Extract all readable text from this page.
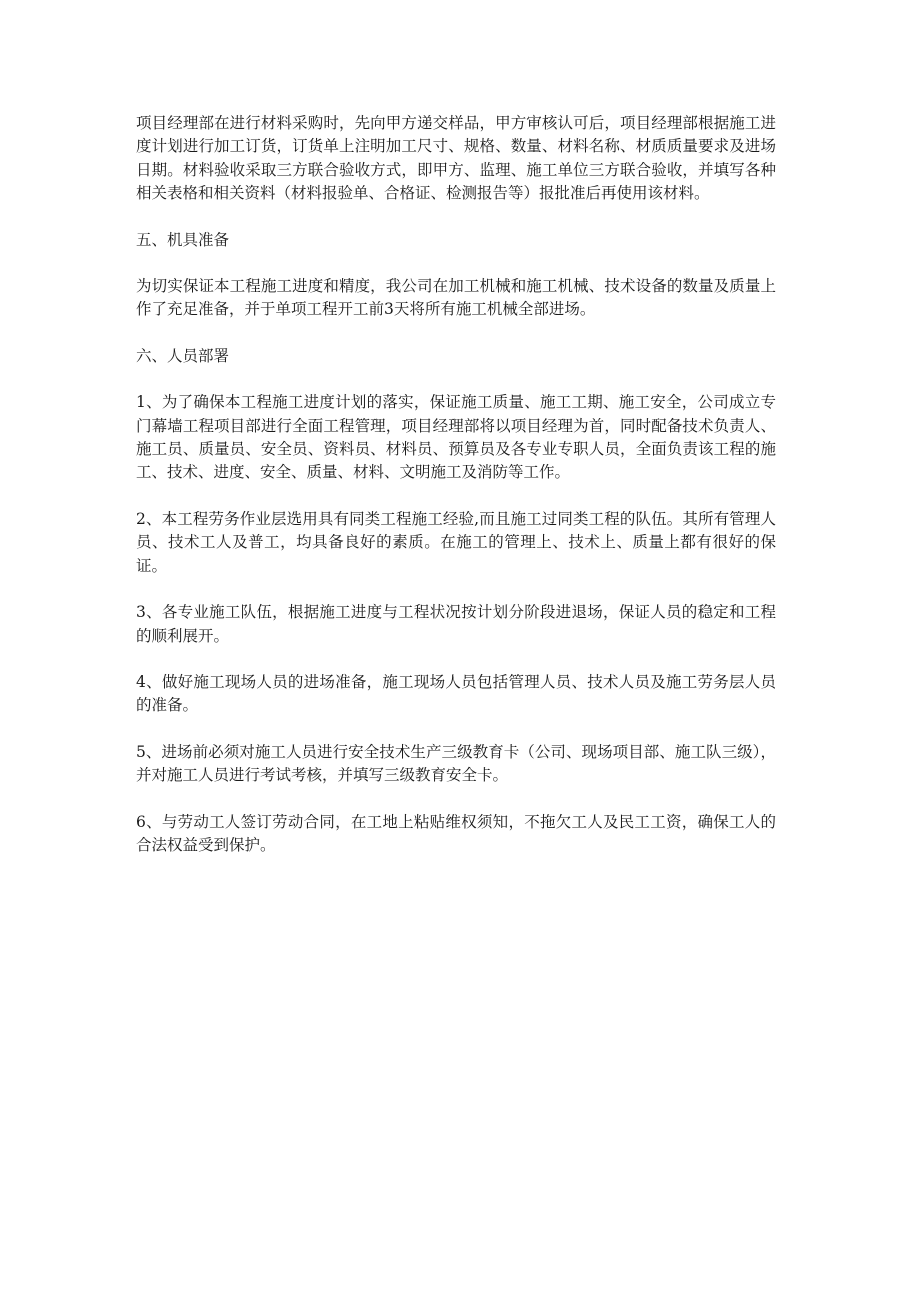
项目经理部在进行材料采购时，先向甲方递交样品，甲方审核认可后，项目经理部根据施工进度计划进行加工订货，订货单上注明加工尺寸、规格、数量、材料名称、材质质量要求及进场日期。材料验收采取三方联合验收方式，即甲方、监理、施工单位三方联合验收，并填写各种相关表格和相关资料（材料报验单、合格证、检测报告等）报批准后再使用该材料。

五、机具准备

为切实保证本工程施工进度和精度，我公司在加工机械和施工机械、技术设备的数量及质量上作了充足准备，并于单项工程开工前3天将所有施工机械全部进场。

六、人员部署

1、为了确保本工程施工进度计划的落实，保证施工质量、施工工期、施工安全，公司成立专门幕墙工程项目部进行全面工程管理，项目经理部将以项目经理为首，同时配备技术负责人、施工员、质量员、安全员、资料员、材料员、预算员及各专业专职人员，全面负责该工程的施工、技术、进度、安全、质量、材料、文明施工及消防等工作。

2、本工程劳务作业层选用具有同类工程施工经验,而且施工过同类工程的队伍。其所有管理人员、技术工人及普工，均具备良好的素质。在施工的管理上、技术上、质量上都有很好的保证。

3、各专业施工队伍，根据施工进度与工程状况按计划分阶段进退场，保证人员的稳定和工程的顺利展开。

4、做好施工现场人员的进场准备，施工现场人员包括管理人员、技术人员及施工劳务层人员的准备。

5、进场前必须对施工人员进行安全技术生产三级教育卡（公司、现场项目部、施工队三级），并对施工人员进行考试考核，并填写三级教育安全卡。

6、与劳动工人签订劳动合同，在工地上粘贴维权须知，不拖欠工人及民工工资，确保工人的合法权益受到保护。
